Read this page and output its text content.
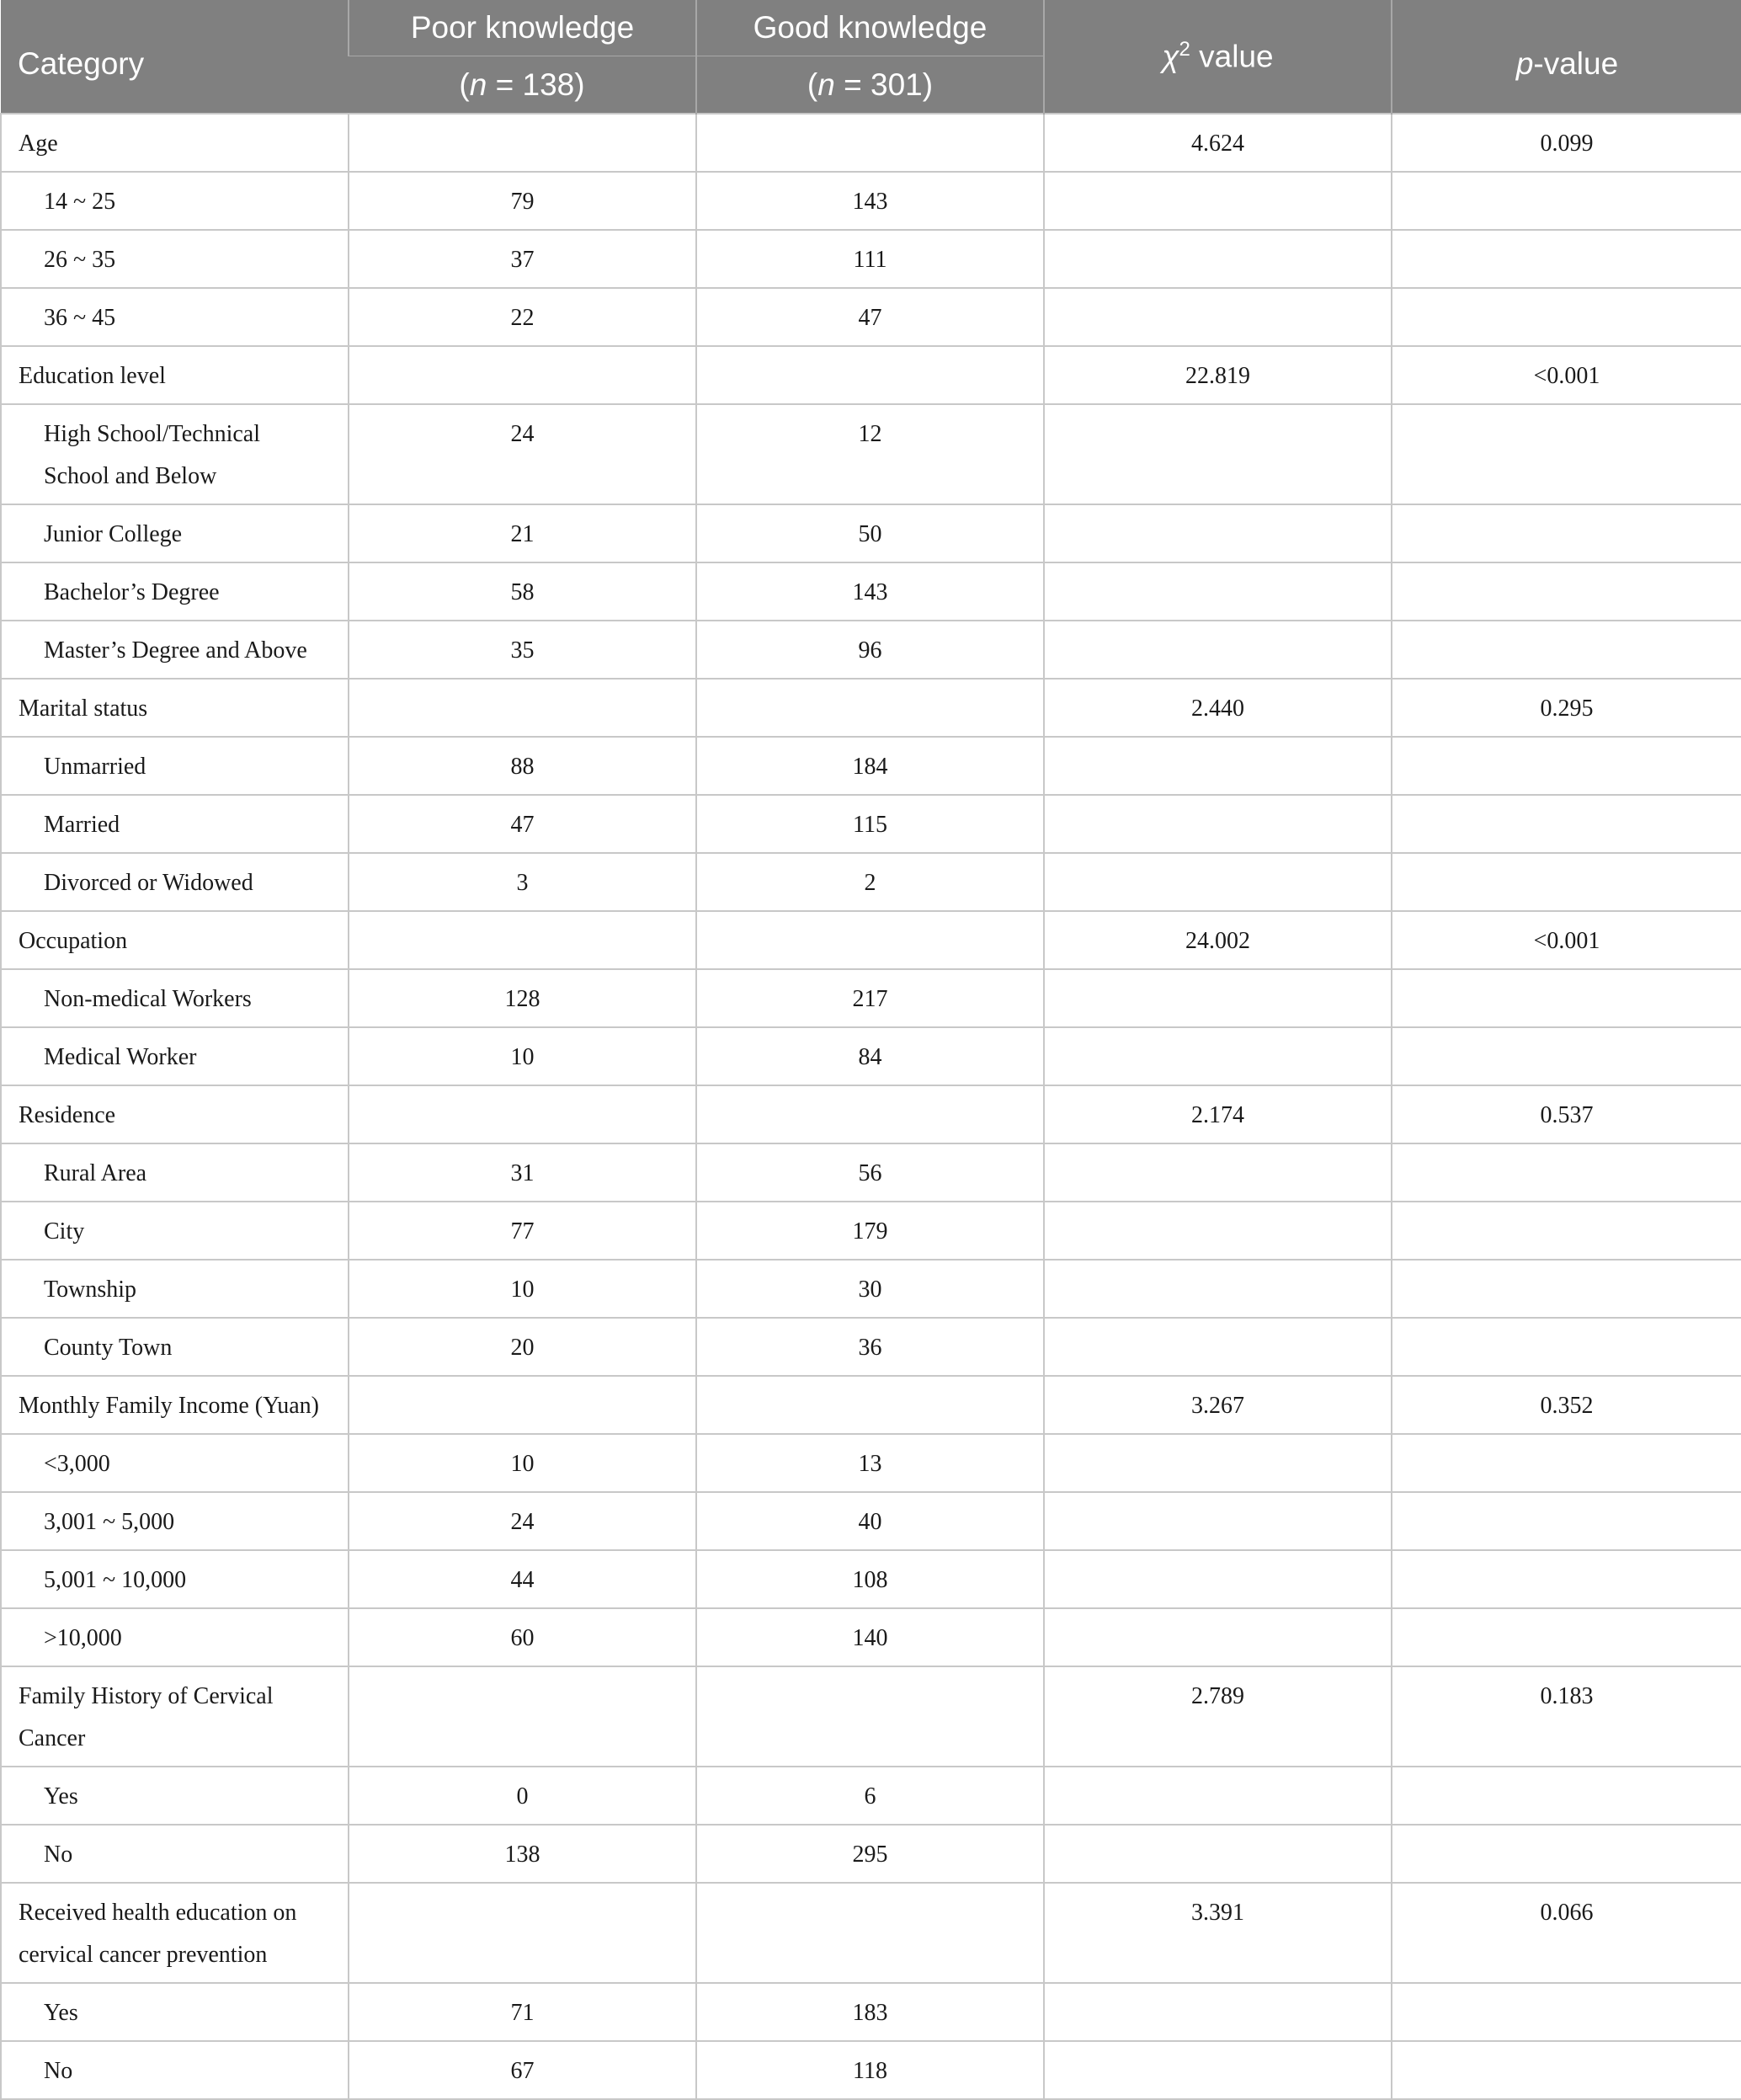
Category	Poor knowledge	Good knowledge	$\chi^2$ value	p-value
	(n = 138)	(n = 301)		
Age			4.624	0.099
14 ~ 25	79	143		
26 ~ 35	37	111		
36 ~ 45	22	47		
Education level			22.819	<0.001
High School/Technical School and Below	24	12		
Junior College	21	50		
Bachelor’s Degree	58	143		
Master’s Degree and Above	35	96		
Marital status			2.440	0.295
Unmarried	88	184		
Married	47	115		
Divorced or Widowed	3	2		
Occupation			24.002	<0.001
Non-medical Workers	128	217		
Medical Worker	10	84		
Residence			2.174	0.537
Rural Area	31	56		
City	77	179		
Township	10	30		
County Town	20	36		
Monthly Family Income (Yuan)			3.267	0.352
<3,000	10	13		
3,001 ~ 5,000	24	40		
5,001 ~ 10,000	44	108		
>10,000	60	140		
Family History of Cervical Cancer			2.789	0.183
Yes	0	6		
No	138	295		
Received health education on cervical cancer prevention			3.391	0.066
Yes	71	183		
No	67	118		
